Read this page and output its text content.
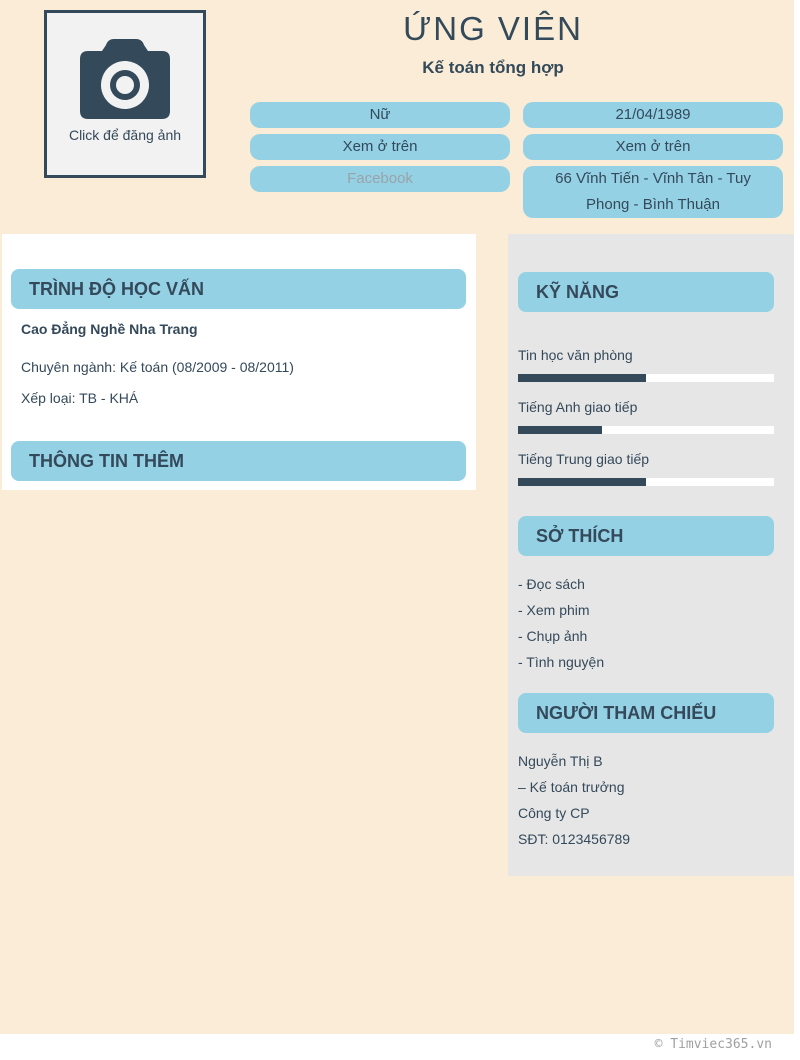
Click để đăng ảnh
ỨNG VIÊN
Kế toán tổng hợp
Nữ	21/04/1989
Xem ở trên	Xem ở trên
Facebook	66 Vĩnh Tiến - Vĩnh Tân - Tuy Phong - Bình Thuận
TRÌNH ĐỘ HỌC VẤN
Cao Đẳng Nghề Nha Trang
Chuyên ngành: Kế toán (08/2009 - 08/2011)
Xếp loại: TB - KHÁ
THÔNG TIN THÊM
KỸ NĂNG
Tin học văn phòng
Tiếng Anh giao tiếp
Tiếng Trung giao tiếp
SỞ THÍCH
- Đọc sách
- Xem phim
- Chụp ảnh
- Tình nguyện
NGƯỜI THAM CHIẾU
Nguyễn Thị B
– Kế toán trưởng
Công ty CP
SĐT: 0123456789
© Timviec365.vn
